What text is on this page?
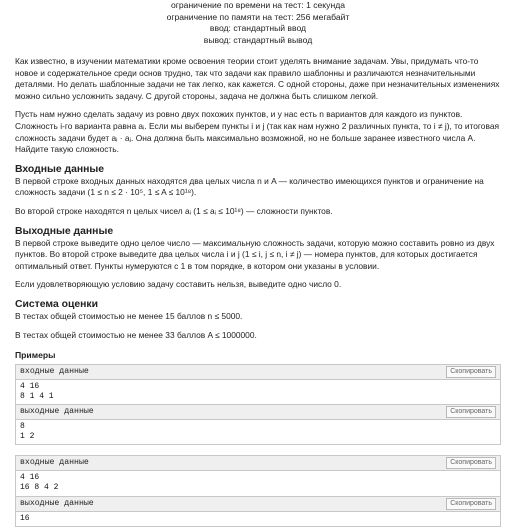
ограничение по времени на тест: 1 секунда
ограничение по памяти на тест: 256 мегабайт
ввод: стандартный ввод
вывод: стандартный вывод

Как известно, в изучении математики кроме освоения теории стоит уделять внимание задачам. Увы, придумать что-то новое и содержательное среди основ трудно, так что задачи как правило шаблонны и различаются незначительными деталями. Но делать шаблонные задачи не так легко, как кажется. С одной стороны, даже при незначительных изменениях можно сильно усложнить задачу. С другой стороны, задача не должна быть слишком легкой.

Пусть нам нужно сделать задачу из ровно двух похожих пунктов, и у нас есть n вариантов для каждого из пунктов. Сложность i-го варианта равна aᵢ. Если мы выберем пункты i и j (так как нам нужно 2 различных пункта, то i ≠ j), то итоговая сложность задачи будет aᵢ · aⱼ. Она должна быть максимально возможной, но не больше заранее известного числа A. Найдите такую сложность.

Входные данные

В первой строке входных данных находятся два целых числа n и A — количество имеющихся пунктов и ограничение на сложность задачи (1 ≤ n ≤ 2 · 10⁵, 1 ≤ A ≤ 10¹⁸).

Во второй строке находятся n целых чисел aᵢ (1 ≤ aᵢ ≤ 10¹⁸) — сложности пунктов.

Выходные данные

В первой строке выведите одно целое число — максимальную сложность задачи, которую можно составить ровно из двух пунктов. Во второй строке выведите два целых числа i и j (1 ≤ i, j ≤ n, i ≠ j) — номера пунктов, для которых достигается оптимальный ответ. Пункты нумеруются с 1 в том порядке, в котором они указаны в условии.

Если удовлетворяющую условию задачу составить нельзя, выведите одно число 0.

Система оценки

В тестах общей стоимостью не менее 15 баллов n ≤ 5000.

В тестах общей стоимостью не менее 33 баллов A ≤ 1000000.

Примеры
входные данные	Скопировать
4 16
8 1 4 1
выходные данные	Скопировать
8
1 2
входные данные	Скопировать
4 16
16 8 4 2
выходные данные	Скопировать
16
